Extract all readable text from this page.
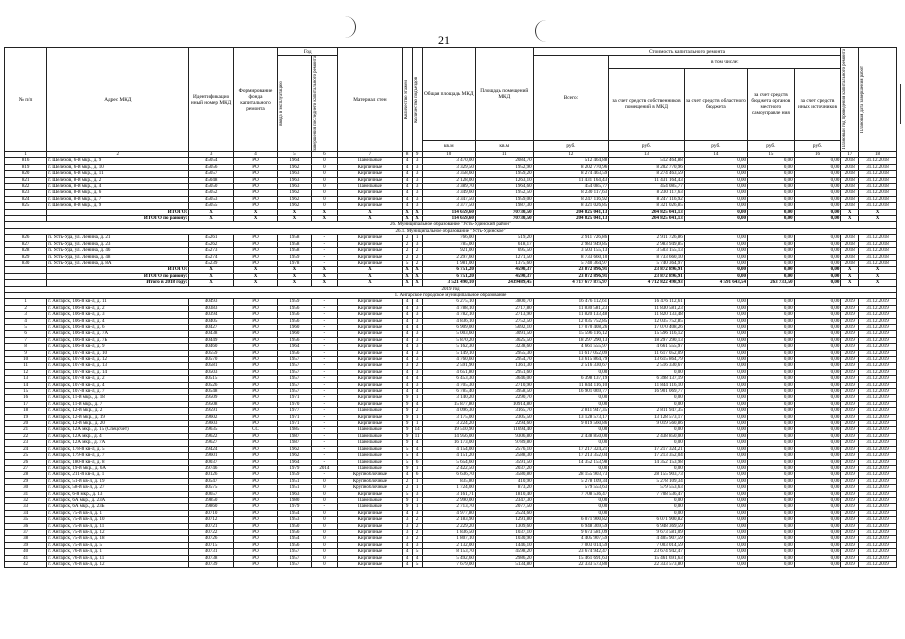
21
№ п/п	Адрес МКД	Идентификацио нный номер МКД	Формирование фонда капитального ремонта	Год		Материал стен	Количество этажей	Количество подъездов	Общая площадь МКД	Площадь помещений МКД	Стоимость капитального ремонта					Плановый год проведения капитального ремонта	Плановая дата завершения работ

				ввода в эксплуатацию	завершения последнего капитального ремонта						Всего:	в том числе:					
												за счет средств собственников помещений в МКД	за счет средств областного бюджета	за счет средств бюджета органов местного самоуправле ния	за счет средств иных источников		
									кв.м	кв.м	руб.	руб.	руб.	руб.	руб.		
1	2	3	4	5	6	7	8	9	10	11	12	13	14	15	16	17	18
816	г. Шелехов, 6-й мкр., д. 9	45054	РО	1964	0	Панельные	4	3	3 470,00	2084,70	512 464,88	512 464,88	0,00	0,00	0,00	2018	31.12.2018
819	г. Шелехов, 6-й мкр., д. 10	45056	РО	1962	0	Кирпичные	4	3	3 329,50	1952,90	8 202 770,96	8 202 770,96	0,00	0,00	0,00	2018	31.12.2018
820	г. Шелехов, 6-й мкр., д. 11	45057	РО	1963	0	Кирпичные	4	3	3 358,60	1959,20	8 274 463,59	8 274 463,59	0,00	0,00	0,00	2018	31.12.2018
821	г. Шелехов, 8-й мкр., д. 2	45048	РО	1963	0	Кирпичные	4	3	2 128,00	1263,10	11 431 164,43	11 431 164,43	0,00	0,00	0,00	2018	31.12.2018
822	г. Шелехов, 8-й мкр., д. 4	45050	РО	1963	0	Панельные	4	3	3 389,70	1964,60	454 085,77	454 085,77	0,00	0,00	0,00	2018	31.12.2018
823	г. Шелехов, 8-й мкр., д. 6	45052	РО	1962	0	Кирпичные	4	3	3 349,60	1952,50	8 230 117,63	8 230 117,63	0,00	0,00	0,00	2018	31.12.2018
824	г. Шелехов, 8-й мкр., д. 7	45053	РО	1962	0	Кирпичные	4	3	3 347,50	1959,00	8 247 116,92	8 247 116,92	0,00	0,00	0,00	2018	31.12.2018
825	г. Шелехов, 8-й мкр., д. 9	45055	РО	1962	0	Кирпичные	4	3	3 377,50	1987,30	8 321 026,85	8 321 026,85	0,00	0,00	0,00	2018	31.12.2018
	ИТОГО:	X	X	X	X	X	X	X	114 659,60	70730,50	204 825 041,13	204 825 041,13	0,00	0,00	0,00	X	X
	ИТОГО по району:	X	X	X	X	X	X	X	114 659,60	70730,50	204 825 041,13	204 825 041,13	0,00	0,00	0,00	X	X
26. Муниципальное образование "Усть-Удинский район"																	
26.1. Муниципальное образование "Усть-Удинское"																	
826	п. Усть-Уда, ул. Ленина, д. 21	45261	РО	1958	-	Кирпичные	2	1	766,00	519,20	2 911 726,86	2 911 726,86	0,00	0,00	0,00	2018	31.12.2018
827	п. Усть-Уда, ул. Ленина, д. 23	45262	РО	1958	-	Кирпичные	2	3	785,00	618,17	2 983 949,85	2 983 949,85	0,00	0,00	0,00	2018	31.12.2018
828	п. Усть-Уда, ул. Ленина, д. 46	45273	РО	1958	-	Кирпичные	2	2	921,00	695,50	3 503 155,13	3 503 155,13	0,00	0,00	0,00	2018	31.12.2018
829	п. Усть-Уда, ул. Ленина, д. 48	45274	РО	1959	-	Кирпичные	2	2	2 297,60	1271,50	8 733 660,10	8 733 660,10	0,00	0,00	0,00	2018	31.12.2018
830	п. Усть-Уда, ул. Ленина, д. 8А	45239	РО	1978	-	Кирпичные	5	2	1 981,00	1375,60	5 740 364,97	5 740 364,97	0,00	0,00	0,00	2018	31.12.2018
	ИТОГО:	X	X	X	X	X	X	X	6 751,20	4590,37	23 872 896,91	23 872 896,91	0,00	0,00	0,00	X	X
	ИТОГО по району:	X	X	X	X	X	X	X	6 751,20	4590,37	23 872 896,91	23 872 896,91	0,00	0,00	0,00	X	X
	Итого в 2018 году:	X	X	X	X	X	X	X	3 521 490,10	2439489,45	4 717 677 875,97	4 712 822 498,93	4 591 643,54	263 733,50	0,00	X	X
2019 год																	
1. Ангарское городское муниципальное образование																	
1	г. Ангарск, 106-й кв-л, д. 11	40493	РО	1959	-	Кирпичные	4	4	6 275,10	3800,70	16 476 112,61	16 476 112,61	0,00	0,00	0,00	2019	31.12.2019
2	г. Ангарск, 106-й кв-л, д. 2	40383	РО	1956	-	Кирпичные	4	3	4 788,10	2717,80	11 830 581,23	11 830 581,23	0,00	0,00	0,00	2019	31.12.2019
3	г. Ангарск, 106-й кв-л, д. 3	40394	РО	1956	-	Кирпичные	4	3	4 782,10	2713,90	11 820 133,48	11 820 133,48	0,00	0,00	0,00	2019	31.12.2019
4	г. Ангарск, 106-й кв-л, д. 4	40405	РО	1956	-	Кирпичные	4	3	4 836,10	2752,50	12 035 752,85	12 035 752,85	0,00	0,00	0,00	2019	31.12.2019
5	г. Ангарск, 106-й кв-л, д. 6	40427	РО	1960	-	Кирпичные	4	4	6 909,00	5692,10	17 070 408,26	17 070 408,26	0,00	0,00	0,00	2019	31.12.2019
6	г. Ангарск, 106-й кв-л, д. 7А	40438	РО	1960	-	Кирпичные	4	3	5 003,60	3091,50	15 596 116,12	15 596 116,12	0,00	0,00	0,00	2019	31.12.2019
7	г. Ангарск, 106-й кв-л, д. 7Б	40449	РО	1956	-	Кирпичные	4	3	5 870,20	3625,50	18 297 290,13	18 297 290,13	0,00	0,00	0,00	2019	31.12.2019
8	г. Ангарск, 106-й кв-л, д. 9	40460	РО	1964	-	Кирпичные	4	3	5 162,30	3238,60	4 661 555,97	4 661 555,97	0,00	0,00	0,00	2019	31.12.2019
9	г. Ангарск, 107-й кв-л, д. 10	40559	РО	1956	-	Кирпичные	4	3	5 149,10	2955,30	11 617 052,09	11 617 052,09	0,00	0,00	0,00	2019	31.12.2019
10	г. Ангарск, 107-й кв-л, д. 12	40570	РО	1957	-	Кирпичные	4	3	4 760,60	2954,70	13 615 864,79	13 615 864,79	0,00	0,00	0,00	2019	31.12.2019
11	г. Ангарск, 107-й кв-л, д. 13	40581	РО	1957	-	Кирпичные	3	2	2 591,90	1361,30	2 516 330,67	2 516 330,67	0,00	0,00	0,00	2019	31.12.2019
12	г. Ангарск, 107-й кв-л, д. 14	40503	РО	1957	-	Кирпичные	4	3	4 651,80	2951,60	0,00	0,00	0,00	0,00	0,00	2019	31.12.2019
13	г. Ангарск, 107-й кв-л, д. 2	40515	РО	1957	-	Кирпичные	4	4	6 453,30	3646,00	6 398 137,19	6 398 137,19	0,00	0,00	0,00	2019	31.12.2019
14	г. Ангарск, 107-й кв-л, д. 4	40526	РО	1957	-	Кирпичные	4	3	4 705,30	2710,90	11 844 116,10	11 844 116,10	0,00	0,00	0,00	2019	31.12.2019
15	г. Ангарск, 107-й кв-л, д. 7	40548	РО	1957	-	Кирпичные	4	4	6 785,40	3958,50	16 901 069,77	16 901 069,77	0,00	0,00	0,00	2019	31.12.2019
16	г. Ангарск, 11-й мкр., д. 18	39509	РО	1971	-	Кирпичные	9	1	3 140,20	2290,70	0,00	0,00	0,00	0,00	0,00	2019	31.12.2019
17	г. Ангарск, 11-й мкр., д. 7	39508	РО	1970	-	Кирпичные	9	4	15 877,80	10914,80	0,00	0,00	0,00	0,00	0,00	2019	31.12.2019
18	г. Ангарск, 12-й мкр., д. 2	39591	РО	1977	-	Панельные	9	2	4 096,30	3165,70	2 811 947,35	2 811 947,35	0,00	0,00	0,00	2019	31.12.2019
19	г. Ангарск, 12-й мкр., д. 19	39602	РО	1971	-	Кирпичные	9	1	3 175,00	2305,50	13 128 573,17	13 128 573,17	0,00	0,00	0,00	2019	31.12.2019
20	г. Ангарск, 12-й мкр., д. 20	39603	РО	1971	-	Кирпичные	9	1	3 224,20	2294,60	9 019 560,86	9 019 560,86	0,00	0,00	0,00	2019	31.12.2019
21	г. Ангарск, 12А мкр., д. 15 (Спецсчет)	39635	СС	1985	-	Панельные	9	14	19 510,90	11694,40	0,00	0,00	0,00	0,00	0,00	2019	31.12.2019
22	г. Ангарск, 12А мкр., д. 4	39622	РО	1987	-	Панельные	9	11	14 956,00	9306,80	2 438 850,00	2 438 850,00	0,00	0,00	0,00	2019	31.12.2019
23	г. Ангарск, 12А мкр., д. 7А	39627	РО	1987	-	Панельные	9	4	16 173,00	9789,80	0,00	0,00	0,00	0,00	0,00	2019	31.12.2019
24	г. Ангарск, 178-й кв-л, д. 5	39424	РО	1962	-	Панельные	5	4	4 154,00	2576,10	17 217 324,21	17 217 324,21	0,00	0,00	0,00	2019	31.12.2019
25	г. Ангарск, 179-й кв-л, д. 7	39601	РО	1962	-	Панельные	5	4	4 151,20	2588,30	17 213 352,04	17 213 352,04	0,00	0,00	0,00	2019	31.12.2019
26	г. Ангарск, 180-й кв-л, д. 8	40037	РО	1964	-	Панельные	5	6	5 654,60	3591,50	14 352 153,98	14 352 153,98	0,00	0,00	0,00	2019	31.12.2019
27	г. Ангарск, 19-й мкр., д. 6А	39746	РО	1979	2014	Панельные	9	1	2 422,50	2037,20	0,00	0,00	0,00	0,00	0,00	2019	31.12.2019
28	г. Ангарск, 211-й кв-л, д. 1	40126	РО	1959	-	Крупноблочные	4	6	6 636,70	3580,80	28 155 903,73	28 155 903,73	0,00	0,00	0,00	2019	31.12.2019
29	г. Ангарск, 51-й кв-л, д. 19	40547	РО	1951	0	Крупноблочные	2	1	835,80	410,90	5 278 109,34	5 278 109,34	0,00	0,00	0,00	2019	31.12.2019
30	г. Ангарск, 58-й кв-л, д. 27	40575	РО	1951	0	Крупноблочные	2	1	1 724,00	873,20	579 553,63	579 553,63	0,00	0,00	0,00	2019	31.12.2019
31	г. Ангарск, 6-й мкр., д. 13	40657	РО	1963	0	Кирпичные	5	3	3 161,71	1810,40	7 708 536,47	7 708 536,47	0,00	0,00	0,00	2019	31.12.2019
32	г. Ангарск, 6А мкр., д. 23А	39850	РО	1980	0	Панельные	9	1	2 990,00	2347,30	0,00	0,00	0,00	0,00	0,00	2019	31.12.2019
33	г. Ангарск, 6А мкр., д. 23Б	39860	РО	1979	-	Панельные	9	1	2 713,70	2077,50	0,00	0,00	0,00	0,00	0,00	2019	31.12.2019
34	г. Ангарск, 75-й кв-л, д. 1	40710	РО	1954	0	Кирпичные	4	3	4 977,80	2524,60	0,00	0,00	0,00	0,00	0,00	2019	31.12.2019
35	г. Ангарск, 75-й кв-л, д. 10	40712	РО	1953	0	Кирпичные	3	2	2 183,90	1291,80	6 071 900,82	6 071 900,82	0,00	0,00	0,00	2019	31.12.2019
36	г. Ангарск, 75-й кв-л, д. 11	40721	РО	1950	0	Кирпичные	3	2	2 229,20	1309,60	6 948 369,59	6 948 369,59	0,00	0,00	0,00	2019	31.12.2019
37	г. Ангарск, 75-й кв-л, д. 12	40722	РО	1956	0	Кирпичные	3	2	1 836,50	1037,10	9 673 581,09	9 673 581,09	0,00	0,00	0,00	2019	31.12.2019
38	г. Ангарск, 75-й кв-л, д. 18	40726	РО	1954	0	Кирпичные	3	2	1 807,10	1030,90	4 405 907,59	4 405 907,59	0,00	0,00	0,00	2019	31.12.2019
39	г. Ангарск, 75-й кв-л, д. 5	40715	РО	1956	0	Кирпичные	4	3	2 132,00	1446,10	7 003 014,59	7 003 014,59	0,00	0,00	0,00	2019	31.12.2019
40	г. Ангарск, 76-й кв-л, д. 1	40731	РО	1957	0	Кирпичные	4	5	8 153,70	4598,20	23 674 942,47	23 674 942,47	0,00	0,00	0,00	2019	31.12.2019
41	г. Ангарск, 76-й кв-л, д. 11	40738	РО	1957	0	Кирпичные	4	4	5 492,60	2986,20	15 461 691,63	15 461 691,63	0,00	0,00	0,00	2019	31.12.2019
42	г. Ангарск, 76-й кв-л, д. 12	40739	РО	1957	0	Кирпичные	4	5	7 679,00	5134,80	22 333 573,80	22 333 573,80	0,00	0,00	0,00	2019	31.12.2019
